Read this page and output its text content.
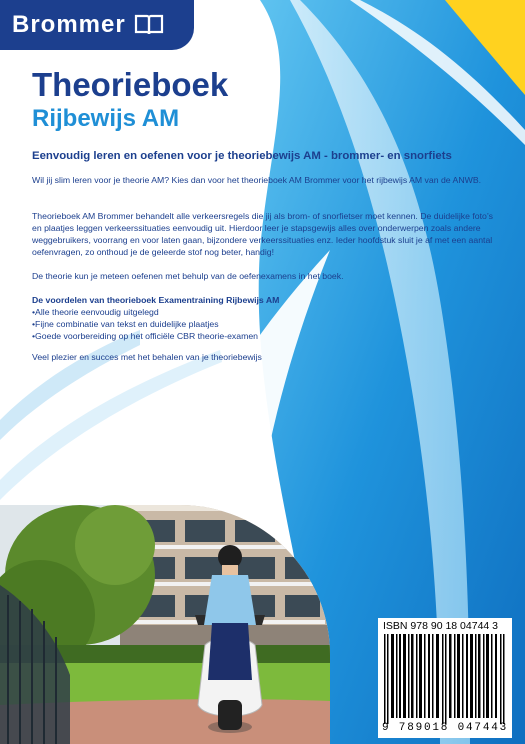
Brommer
Theorieboek
Rijbewijs AM

Eenvoudig leren en oefenen voor je theoriebewijs AM - brommer- en snorfiets

Wil jij slim leren voor je theorie AM? Kies dan voor het theorieboek AM Brommer voor het rijbewijs AM van de ANWB.

Theorieboek AM Brommer behandelt alle verkeersregels die jij als brom- of snorfietser moet kennen. De duidelijke foto’s en plaatjes leggen verkeerssituaties eenvoudig uit. Hierdoor leer je stapsgewijs alles over onderwerpen zoals andere weggebruikers, voorrang en voor laten gaan, bijzondere verkeerssituaties enz. Ieder hoofdstuk sluit je af met een aantal oefenvragen, zo onthoud je de geleerde stof nog beter, handig!

De theorie kun je meteen oefenen met behulp van de oefenexamens in het boek.

De voordelen van theorieboek Examentraining Rijbewijs AM

• Alle theorie eenvoudig uitgelegd
• Fijne combinatie van tekst en duidelijke plaatjes
• Goede voorbereiding op het officiële CBR theorie-examen

Veel plezier en succes met het behalen van je theoriebewijs

ISBN 978 90 18 04744 3
9 789018 047443
